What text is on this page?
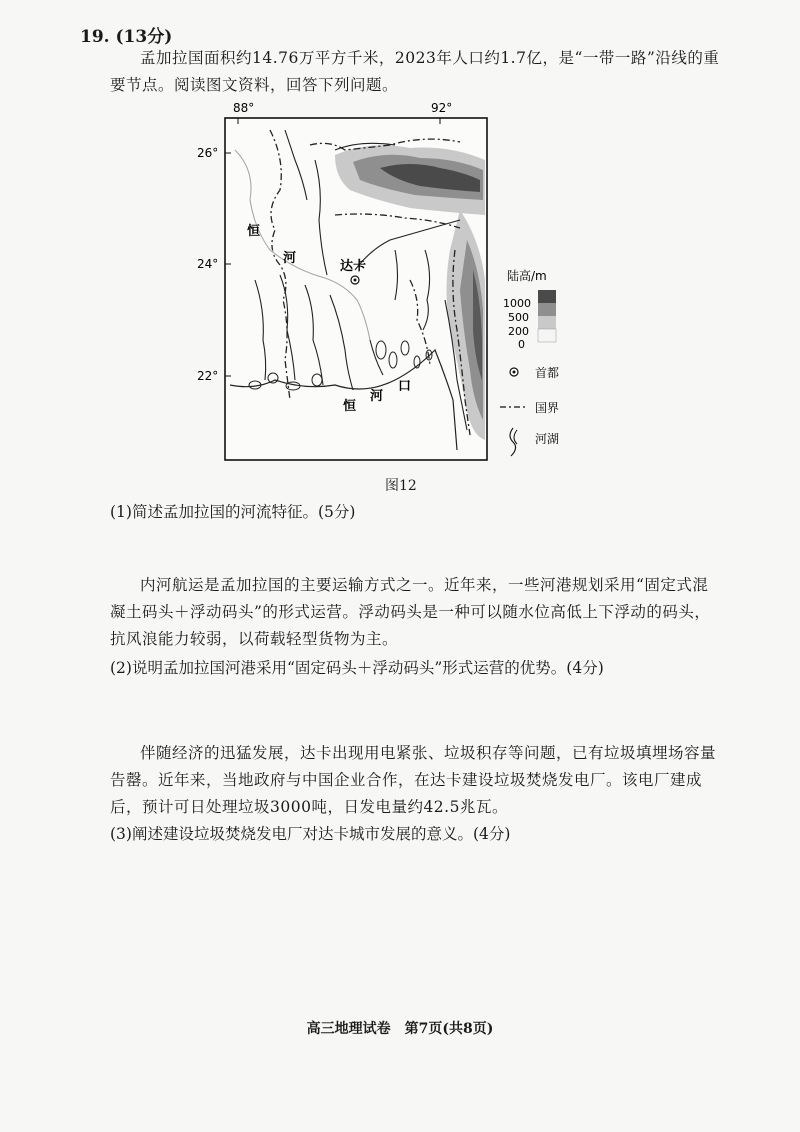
19. (13分)
孟加拉国面积约14.76万平方千米，2023年人口约1.7亿，是“一带一路”沿线的重要节点。阅读图文资料，回答下列问题。
88°	92°
26°
24°
22°
恒
河
达卡
恒
河
口
陆高/m
1000
500
200
0
首都
国界
河湖
图12
(1)简述孟加拉国的河流特征。(5分)
内河航运是孟加拉国的主要运输方式之一。近年来，一些河港规划采用“固定式混凝土码头＋浮动码头”的形式运营。浮动码头是一种可以随水位高低上下浮动的码头，抗风浪能力较弱，以荷载轻型货物为主。
(2)说明孟加拉国河港采用“固定码头＋浮动码头”形式运营的优势。(4分)
伴随经济的迅猛发展，达卡出现用电紧张、垃圾积存等问题，已有垃圾填埋场容量告罄。近年来，当地政府与中国企业合作，在达卡建设垃圾焚烧发电厂。该电厂建成后，预计可日处理垃圾3000吨，日发电量约42.5兆瓦。
(3)阐述建设垃圾焚烧发电厂对达卡城市发展的意义。(4分)
高三地理试卷　第7页(共8页)
